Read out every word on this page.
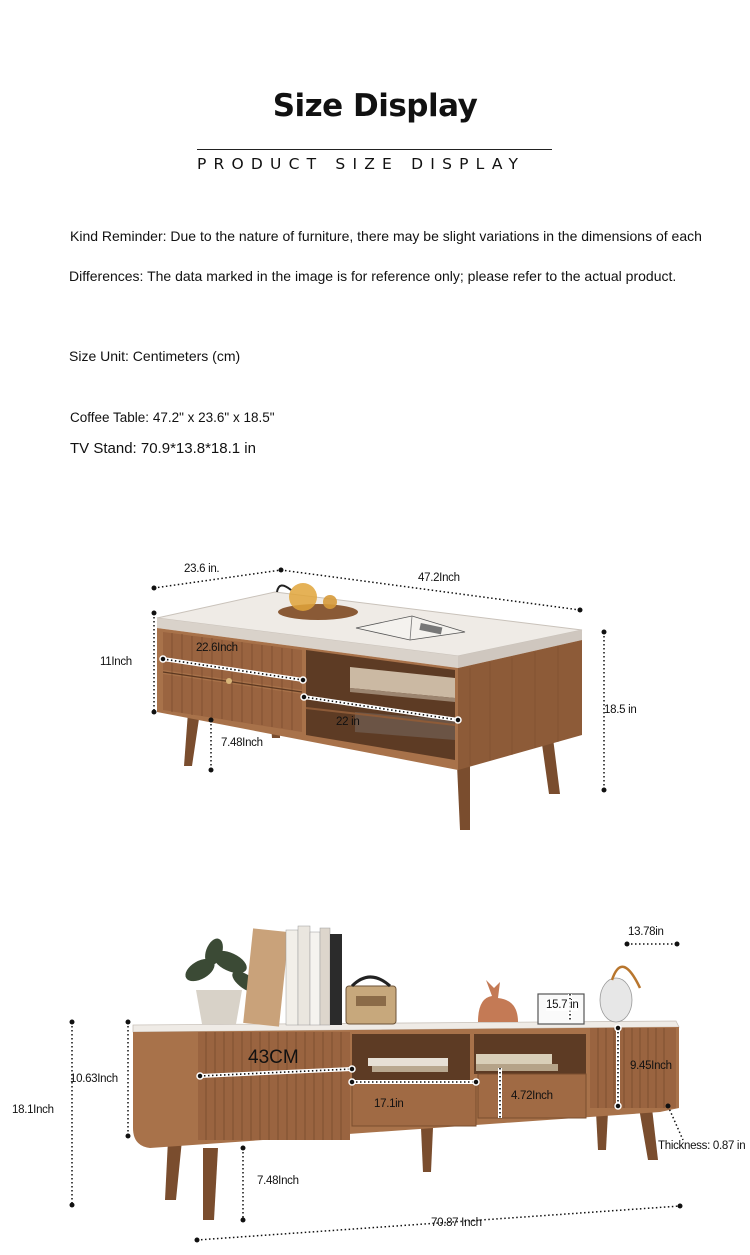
Size Display
PRODUCT SIZE DISPLAY
Kind Reminder: Due to the nature of furniture, there may be slight variations in the dimensions of each
Differences: The data marked in the image is for reference only; please refer to the actual product.
Size Unit: Centimeters (cm)
Coffee Table: 47.2" x 23.6" x 18.5"
TV Stand: 70.9*13.8*18.1 in
23.6 in.
47.2Inch
11Inch
22.6Inch
22 in
18.5 in
7.48Inch
13.78in
15.7 in
10.63Inch
18.1Inch
43CM
17.1in
4.72Inch
9.45Inch
Thickness: 0.87 in
7.48Inch
70.87 Inch
